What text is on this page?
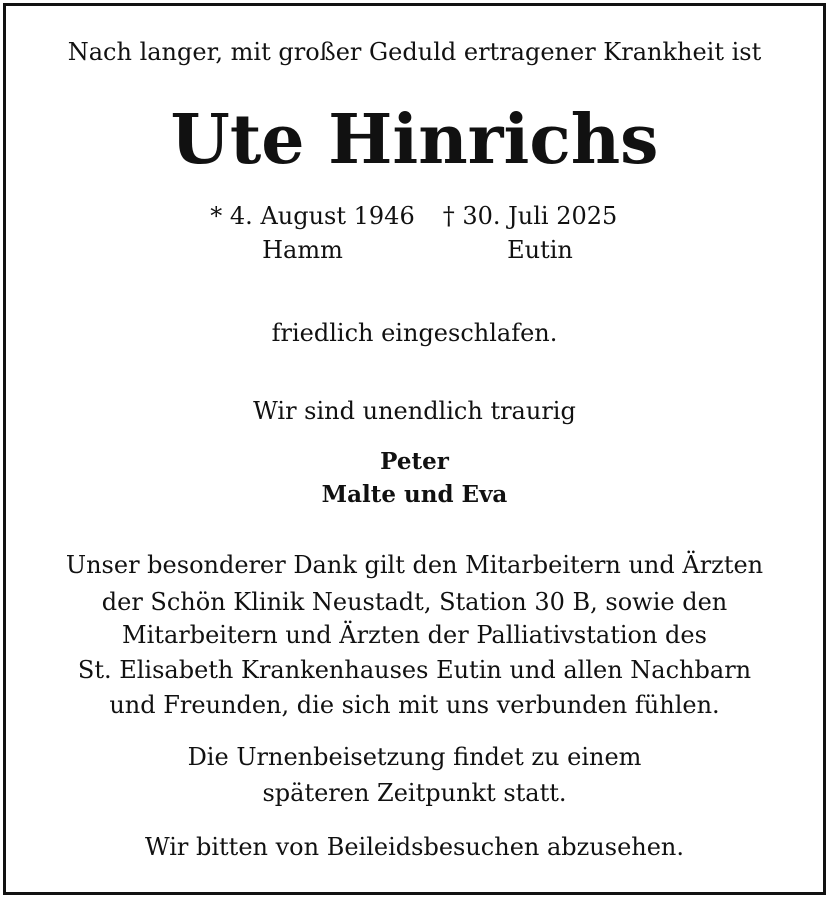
Nach langer, mit großer Geduld ertragener Krankheit ist
Ute Hinrichs
* 4. August 1946	† 30. Juli 2025
Hamm	Eutin
friedlich eingeschlafen.
Wir sind unendlich traurig
Peter
Malte und Eva
Unser besonderer Dank gilt den Mitarbeitern und Ärzten
der Schön Klinik Neustadt, Station 30 B, sowie den
Mitarbeitern und Ärzten der Palliativstation des
St. Elisabeth Krankenhauses Eutin und allen Nachbarn
und Freunden, die sich mit uns verbunden fühlen.
Die Urnenbeisetzung findet zu einem
späteren Zeitpunkt statt.
Wir bitten von Beileidsbesuchen abzusehen.
